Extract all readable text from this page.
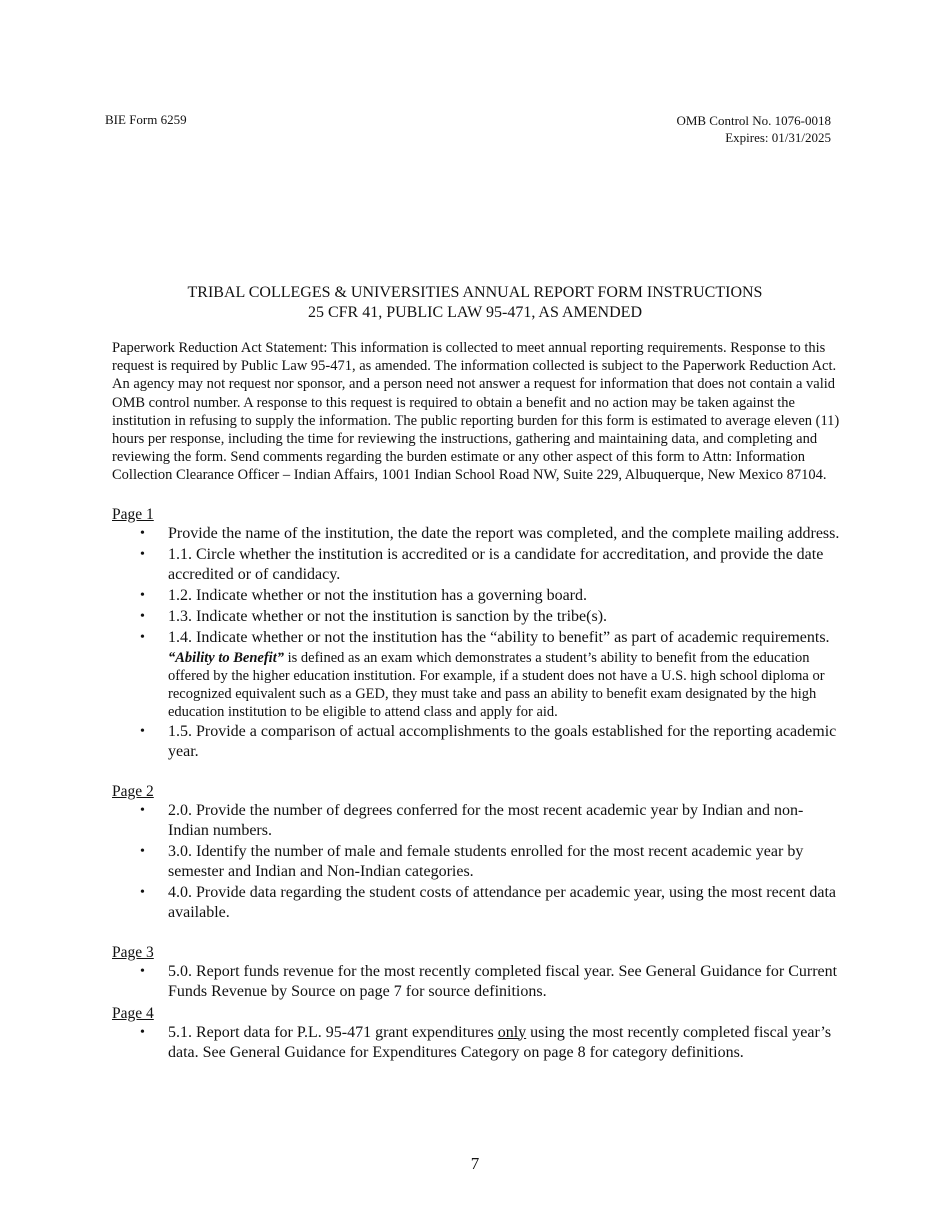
BIE Form 6259	OMB Control No. 1076-0018
Expires: 01/31/2025
TRIBAL COLLEGES & UNIVERSITIES ANNUAL REPORT FORM INSTRUCTIONS
25 CFR 41, PUBLIC LAW 95-471, AS AMENDED

Paperwork Reduction Act Statement: This information is collected to meet annual reporting requirements. Response to this request is required by Public Law 95-471, as amended. The information collected is subject to the Paperwork Reduction Act. An agency may not request nor sponsor, and a person need not answer a request for information that does not contain a valid OMB control number. A response to this request is required to obtain a benefit and no action may be taken against the institution in refusing to supply the information. The public reporting burden for this form is estimated to average eleven (11) hours per response, including the time for reviewing the instructions, gathering and maintaining data, and completing and reviewing the form. Send comments regarding the burden estimate or any other aspect of this form to Attn: Information Collection Clearance Officer – Indian Affairs, 1001 Indian School Road NW, Suite 229, Albuquerque, New Mexico 87104.

Page 1
• Provide the name of the institution, the date the report was completed, and the complete mailing address.
• 1.1. Circle whether the institution is accredited or is a candidate for accreditation, and provide the date accredited or of candidacy.
• 1.2. Indicate whether or not the institution has a governing board.
• 1.3. Indicate whether or not the institution is sanction by the tribe(s).
• 1.4. Indicate whether or not the institution has the “ability to benefit” as part of academic requirements.
“Ability to Benefit” is defined as an exam which demonstrates a student’s ability to benefit from the education offered by the higher education institution. For example, if a student does not have a U.S. high school diploma or recognized equivalent such as a GED, they must take and pass an ability to benefit exam designated by the high education institution to be eligible to attend class and apply for aid.
• 1.5. Provide a comparison of actual accomplishments to the goals established for the reporting academic year.
Page 2
• 2.0. Provide the number of degrees conferred for the most recent academic year by Indian and non-Indian numbers.
• 3.0. Identify the number of male and female students enrolled for the most recent academic year by semester and Indian and Non-Indian categories.
• 4.0. Provide data regarding the student costs of attendance per academic year, using the most recent data available.
Page 3
• 5.0. Report funds revenue for the most recently completed fiscal year. See General Guidance for Current Funds Revenue by Source on page 7 for source definitions.
Page 4
• 5.1. Report data for P.L. 95-471 grant expenditures only using the most recently completed fiscal year’s data. See General Guidance for Expenditures Category on page 8 for category definitions.
7
